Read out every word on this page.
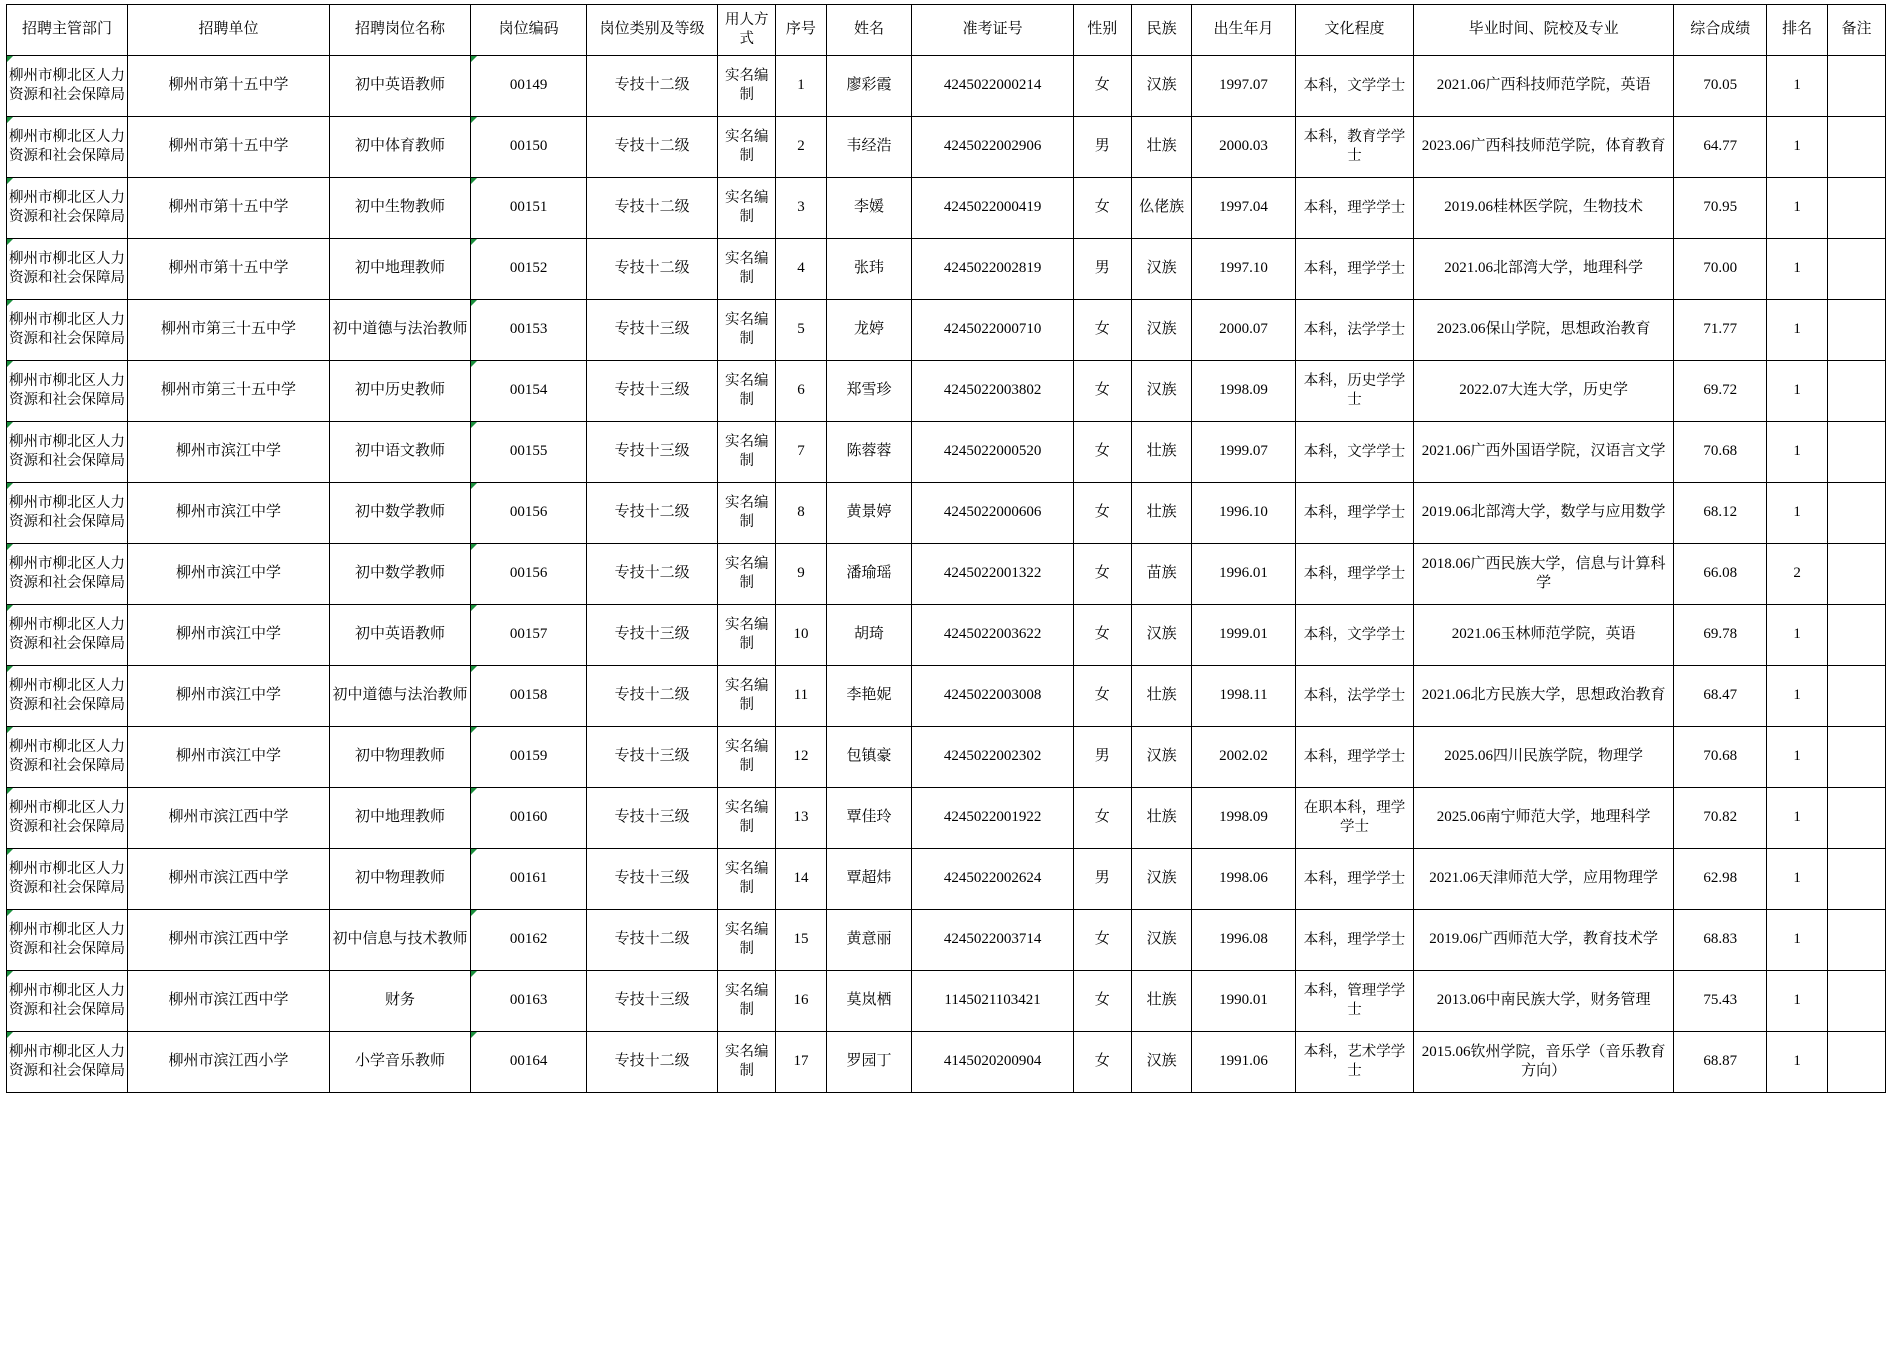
招聘主管部门	招聘单位	招聘岗位名称	岗位编码	岗位类别及等级	用人方式	序号	姓名	准考证号	性别	民族	出生年月	文化程度	毕业时间、院校及专业	综合成绩	排名	备注
柳州市柳北区人力资源和社会保障局	柳州市第十五中学	初中英语教师	00149	专技十二级	实名编制	1	廖彩霞	4245022000214	女	汉族	1997.07	本科，文学学士	2021.06广西科技师范学院，英语	70.05	1	
柳州市柳北区人力资源和社会保障局	柳州市第十五中学	初中体育教师	00150	专技十二级	实名编制	2	韦经浩	4245022002906	男	壮族	2000.03	本科，教育学学士	2023.06广西科技师范学院，体育教育	64.77	1	
柳州市柳北区人力资源和社会保障局	柳州市第十五中学	初中生物教师	00151	专技十二级	实名编制	3	李媛	4245022000419	女	仫佬族	1997.04	本科，理学学士	2019.06桂林医学院，生物技术	70.95	1	
柳州市柳北区人力资源和社会保障局	柳州市第十五中学	初中地理教师	00152	专技十二级	实名编制	4	张玮	4245022002819	男	汉族	1997.10	本科，理学学士	2021.06北部湾大学，地理科学	70.00	1	
柳州市柳北区人力资源和社会保障局	柳州市第三十五中学	初中道德与法治教师	00153	专技十三级	实名编制	5	龙婷	4245022000710	女	汉族	2000.07	本科，法学学士	2023.06保山学院，思想政治教育	71.77	1	
柳州市柳北区人力资源和社会保障局	柳州市第三十五中学	初中历史教师	00154	专技十三级	实名编制	6	郑雪珍	4245022003802	女	汉族	1998.09	本科，历史学学士	2022.07大连大学，历史学	69.72	1	
柳州市柳北区人力资源和社会保障局	柳州市滨江中学	初中语文教师	00155	专技十三级	实名编制	7	陈蓉蓉	4245022000520	女	壮族	1999.07	本科，文学学士	2021.06广西外国语学院，汉语言文学	70.68	1	
柳州市柳北区人力资源和社会保障局	柳州市滨江中学	初中数学教师	00156	专技十二级	实名编制	8	黄景婷	4245022000606	女	壮族	1996.10	本科，理学学士	2019.06北部湾大学，数学与应用数学	68.12	1	
柳州市柳北区人力资源和社会保障局	柳州市滨江中学	初中数学教师	00156	专技十二级	实名编制	9	潘瑜瑶	4245022001322	女	苗族	1996.01	本科，理学学士	2018.06广西民族大学，信息与计算科学	66.08	2	
柳州市柳北区人力资源和社会保障局	柳州市滨江中学	初中英语教师	00157	专技十三级	实名编制	10	胡琦	4245022003622	女	汉族	1999.01	本科，文学学士	2021.06玉林师范学院，英语	69.78	1	
柳州市柳北区人力资源和社会保障局	柳州市滨江中学	初中道德与法治教师	00158	专技十二级	实名编制	11	李艳妮	4245022003008	女	壮族	1998.11	本科，法学学士	2021.06北方民族大学，思想政治教育	68.47	1	
柳州市柳北区人力资源和社会保障局	柳州市滨江中学	初中物理教师	00159	专技十三级	实名编制	12	包镇豪	4245022002302	男	汉族	2002.02	本科，理学学士	2025.06四川民族学院，物理学	70.68	1	
柳州市柳北区人力资源和社会保障局	柳州市滨江西中学	初中地理教师	00160	专技十三级	实名编制	13	覃佳玲	4245022001922	女	壮族	1998.09	在职本科，理学学士	2025.06南宁师范大学，地理科学	70.82	1	
柳州市柳北区人力资源和社会保障局	柳州市滨江西中学	初中物理教师	00161	专技十三级	实名编制	14	覃超炜	4245022002624	男	汉族	1998.06	本科，理学学士	2021.06天津师范大学，应用物理学	62.98	1	
柳州市柳北区人力资源和社会保障局	柳州市滨江西中学	初中信息与技术教师	00162	专技十二级	实名编制	15	黄意丽	4245022003714	女	汉族	1996.08	本科，理学学士	2019.06广西师范大学，教育技术学	68.83	1	
柳州市柳北区人力资源和社会保障局	柳州市滨江西中学	财务	00163	专技十三级	实名编制	16	莫岚栖	1145021103421	女	壮族	1990.01	本科，管理学学士	2013.06中南民族大学，财务管理	75.43	1	
柳州市柳北区人力资源和社会保障局	柳州市滨江西小学	小学音乐教师	00164	专技十二级	实名编制	17	罗园丁	4145020200904	女	汉族	1991.06	本科，艺术学学士	2015.06钦州学院，音乐学（音乐教育方向）	68.87	1	
